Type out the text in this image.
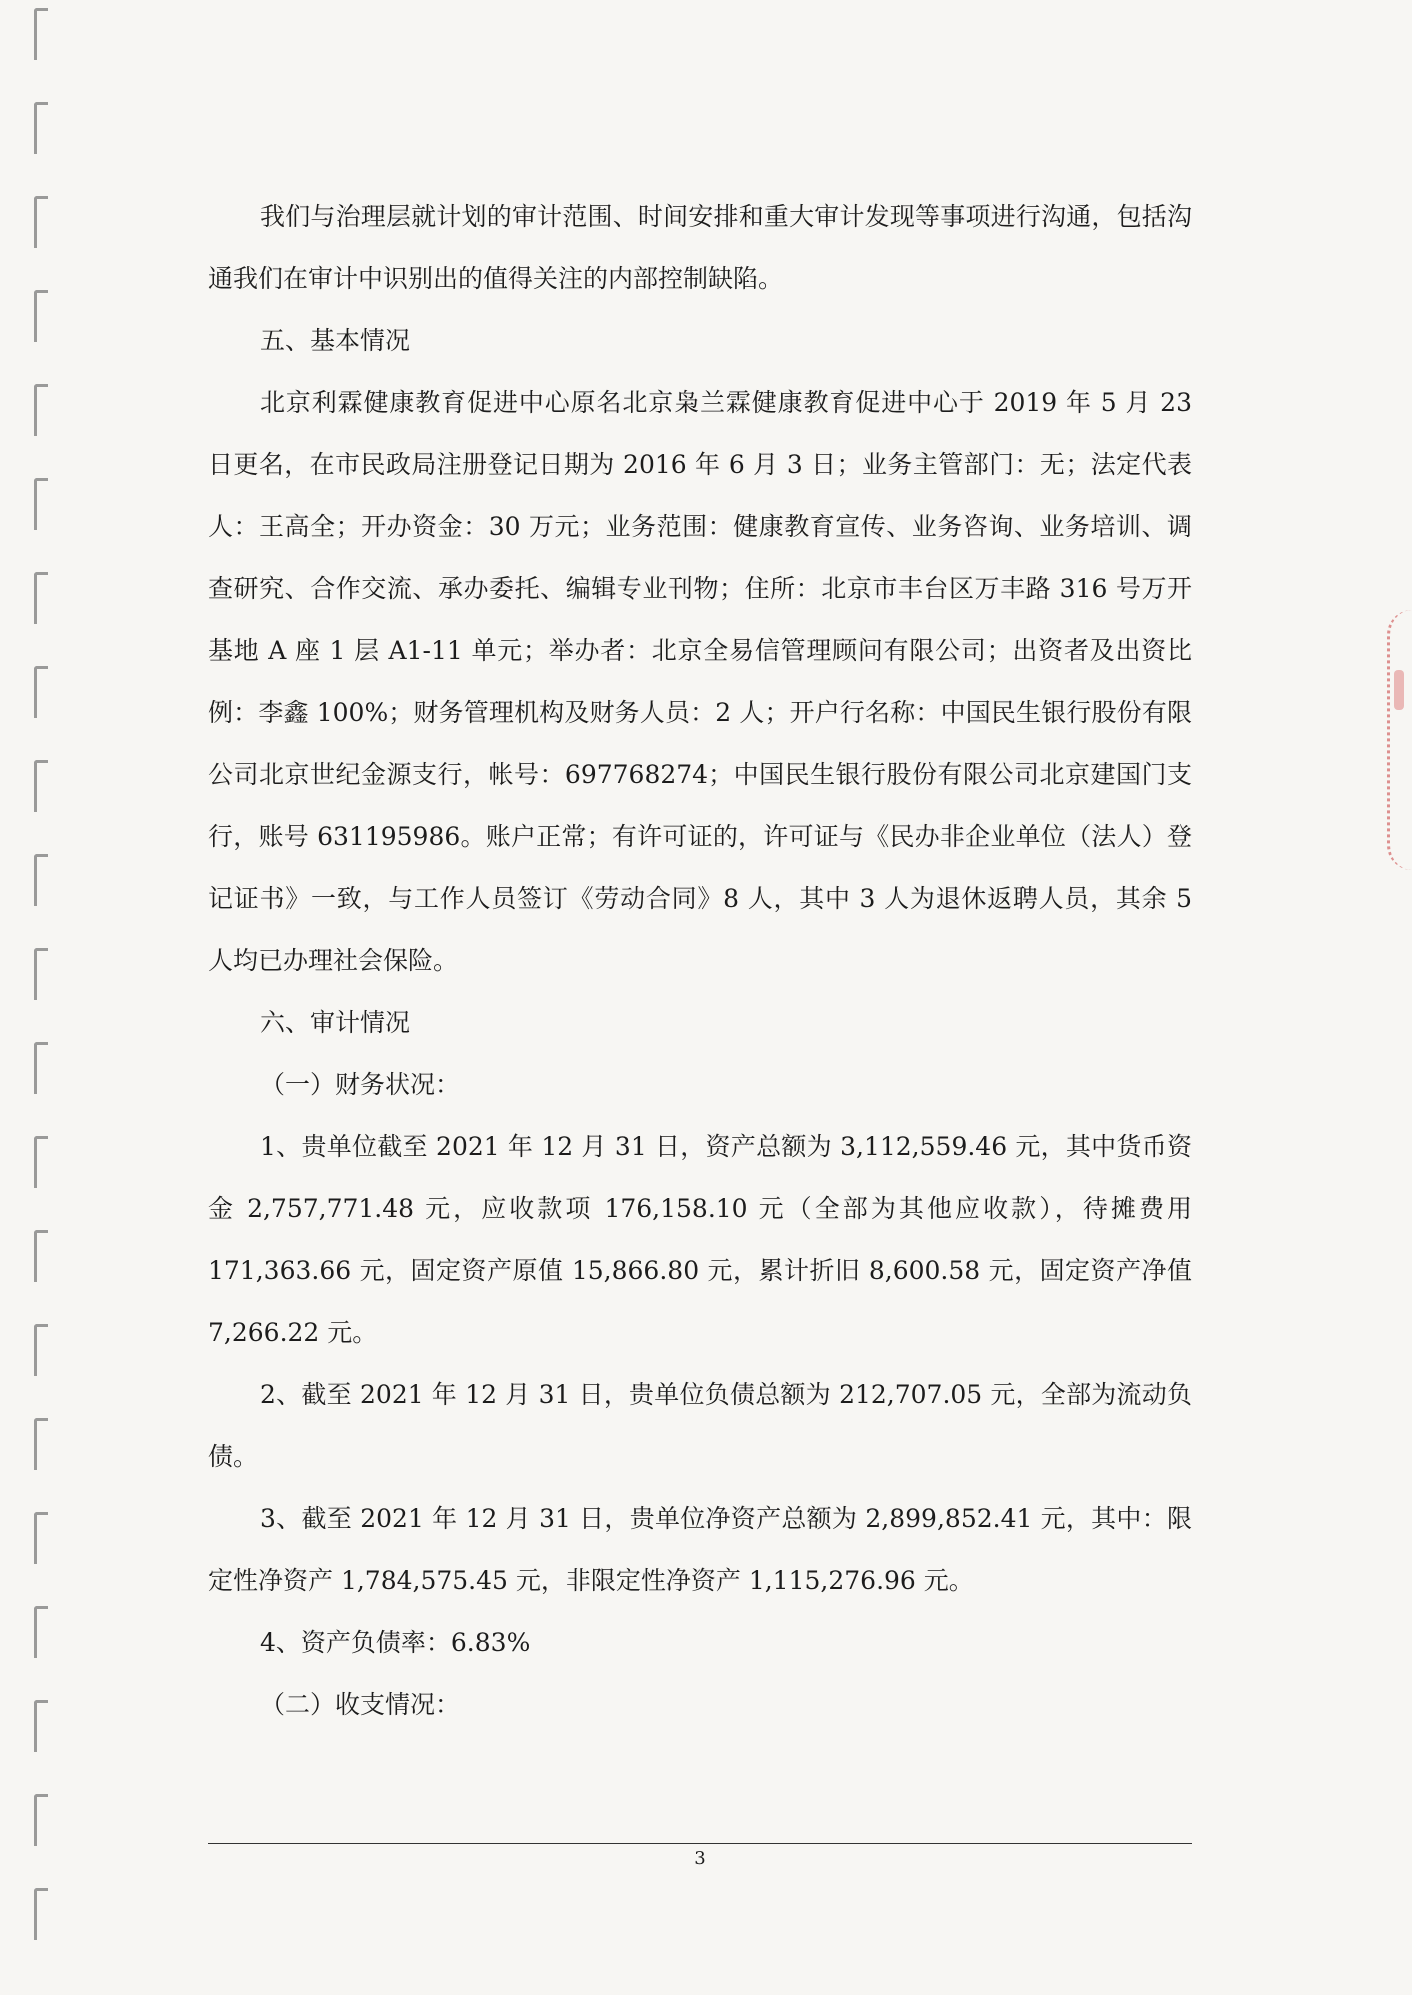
我们与治理层就计划的审计范围、时间安排和重大审计发现等事项进行沟通，包括沟通我们在审计中识别出的值得关注的内部控制缺陷。

五、基本情况

北京利霖健康教育促进中心原名北京枭兰霖健康教育促进中心于 2019 年 5 月 23 日更名，在市民政局注册登记日期为 2016 年 6 月 3 日；业务主管部门：无；法定代表人：王高全；开办资金：30 万元；业务范围：健康教育宣传、业务咨询、业务培训、调查研究、合作交流、承办委托、编辑专业刊物；住所：北京市丰台区万丰路 316 号万开基地 A 座 1 层 A1-11 单元；举办者：北京全易信管理顾问有限公司；出资者及出资比例：李鑫 100%；财务管理机构及财务人员：2 人；开户行名称：中国民生银行股份有限公司北京世纪金源支行，帐号：697768274；中国民生银行股份有限公司北京建国门支行，账号 631195986。账户正常；有许可证的，许可证与《民办非企业单位（法人）登记证书》一致，与工作人员签订《劳动合同》8 人，其中 3 人为退休返聘人员，其余 5 人均已办理社会保险。

六、审计情况

（一）财务状况：

1、贵单位截至 2021 年 12 月 31 日，资产总额为 3,112,559.46 元，其中货币资金 2,757,771.48 元，应收款项 176,158.10 元（全部为其他应收款），待摊费用 171,363.66 元，固定资产原值 15,866.80 元，累计折旧 8,600.58 元，固定资产净值 7,266.22 元。

2、截至 2021 年 12 月 31 日，贵单位负债总额为 212,707.05 元，全部为流动负债。

3、截至 2021 年 12 月 31 日，贵单位净资产总额为 2,899,852.41 元，其中：限定性净资产 1,784,575.45 元，非限定性净资产 1,115,276.96 元。

4、资产负债率：6.83%

（二）收支情况：

3
